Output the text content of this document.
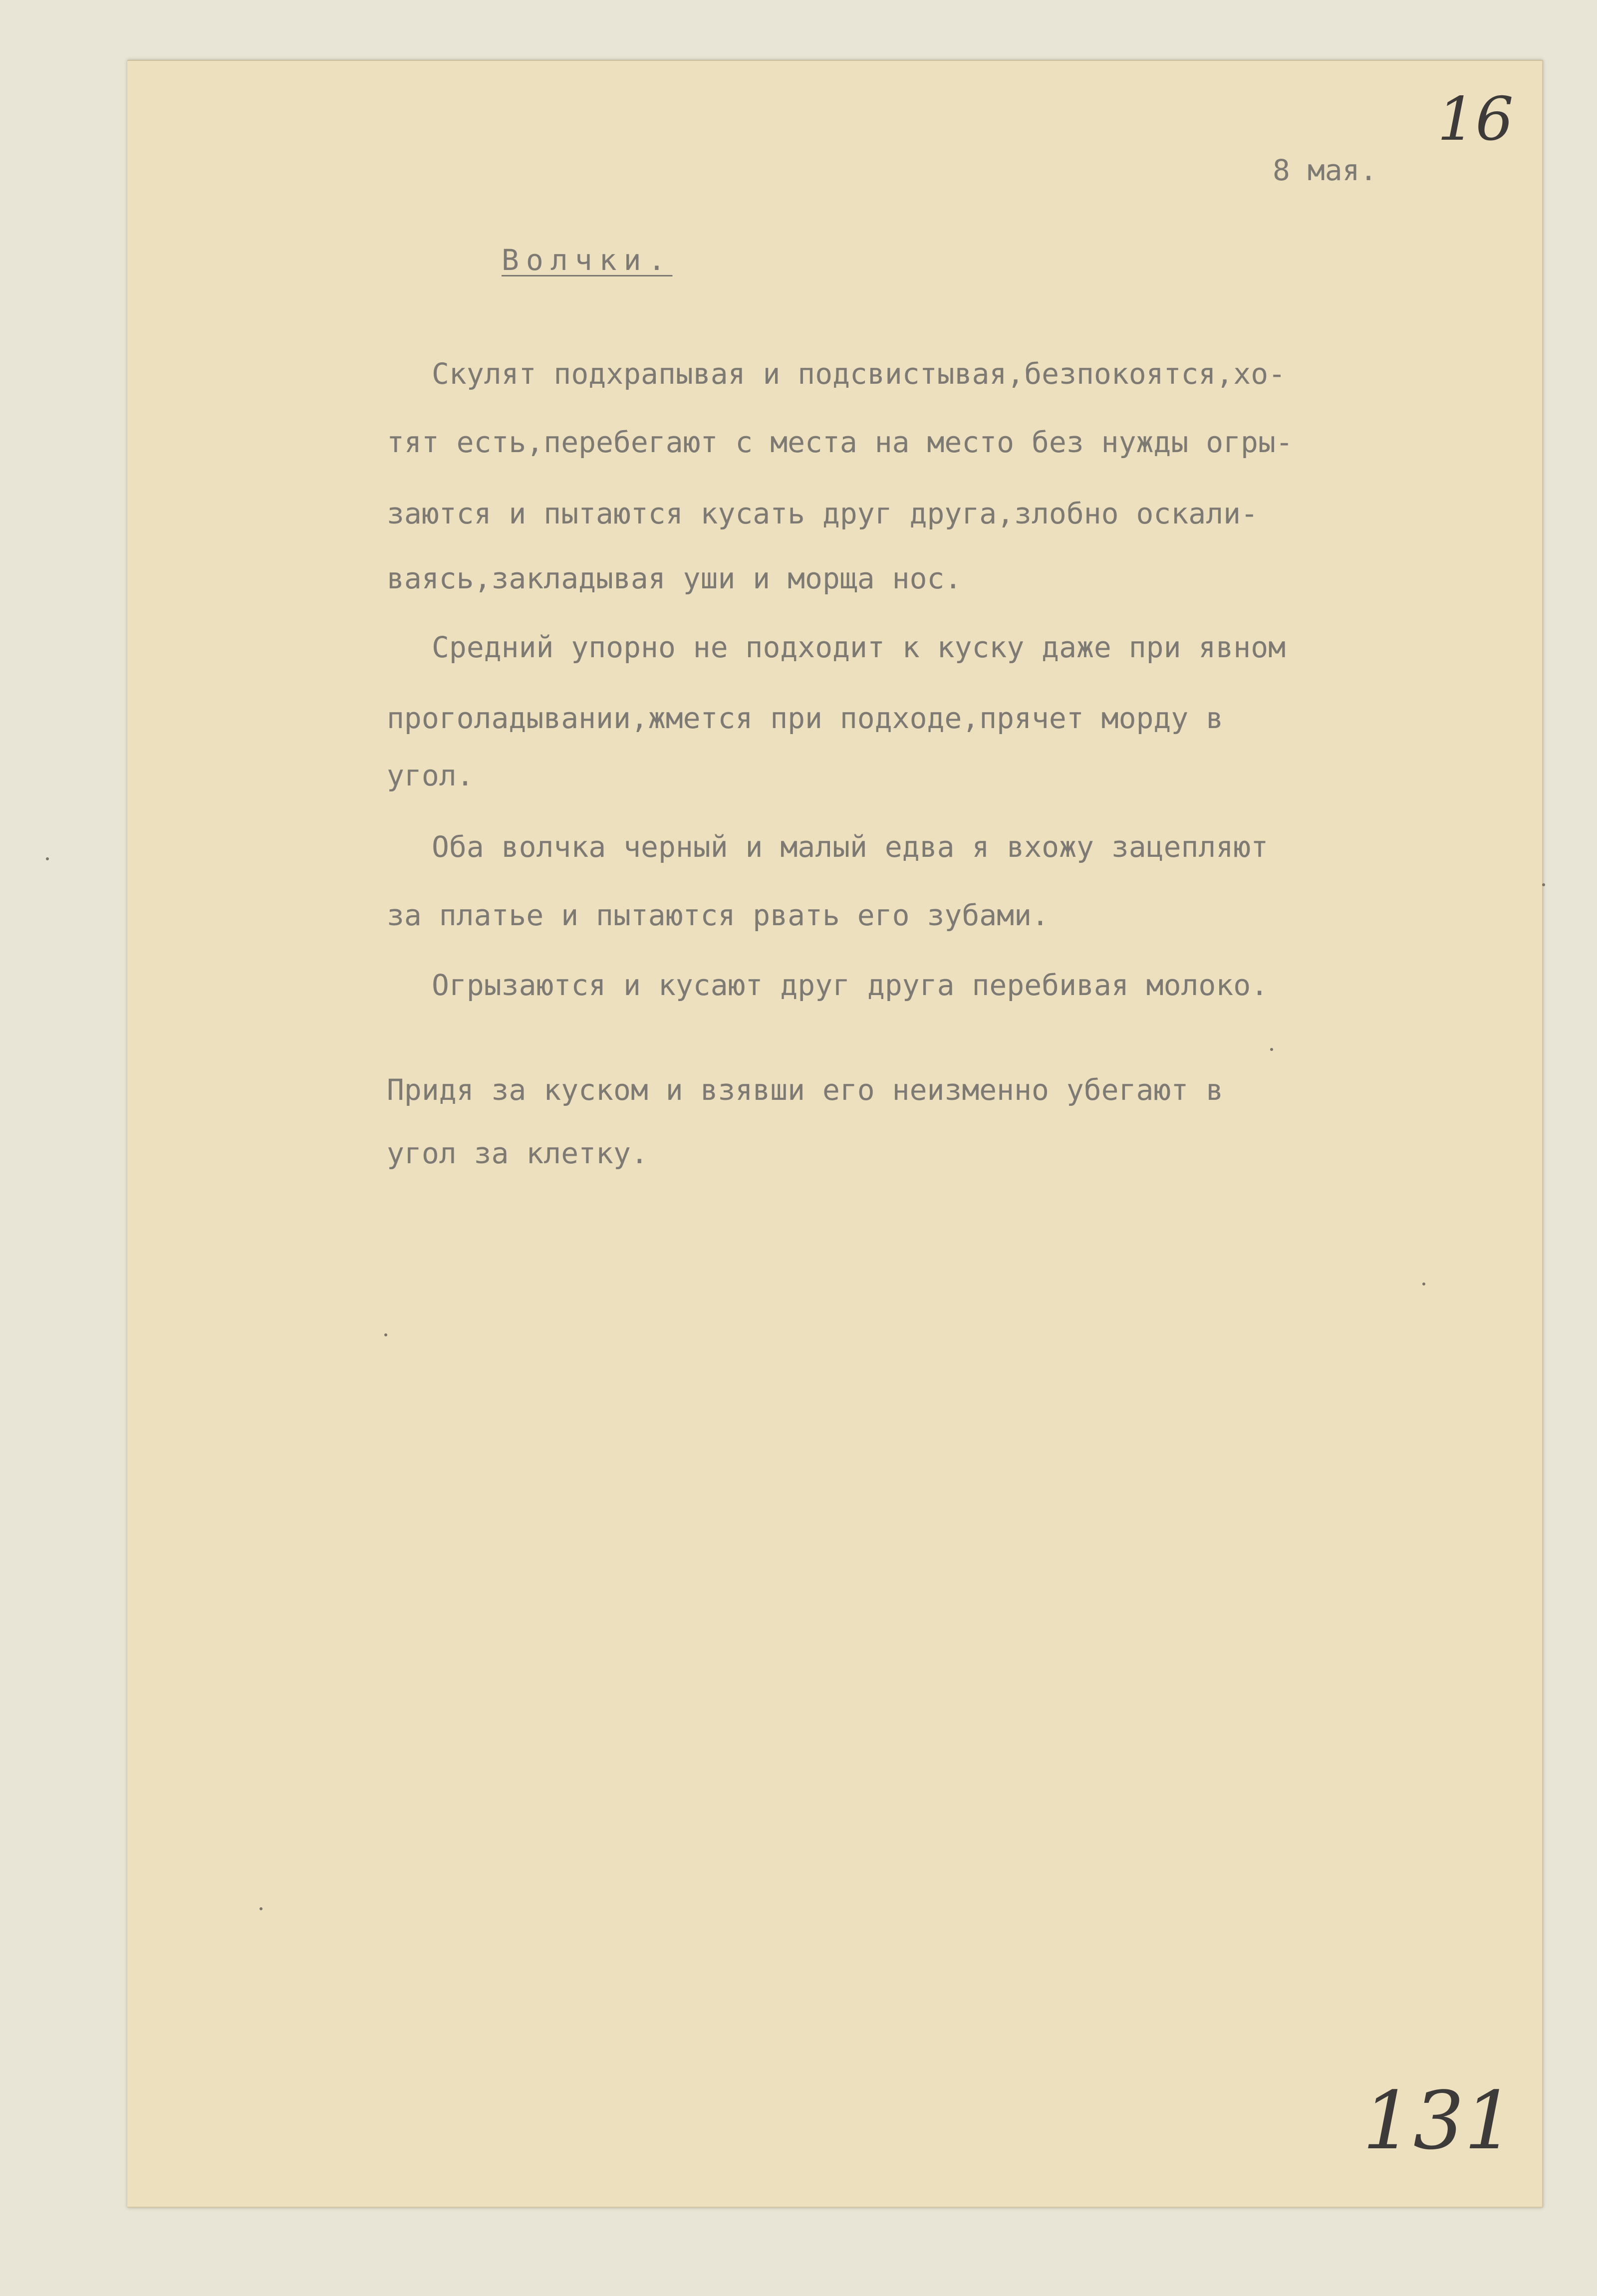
16
8 мая.
Волчки.
Скулят подхрапывая и подсвистывая,безпокоятся,хо-
тят есть,перебегают с места на место без нужды огры-
заются и пытаются кусать друг друга,злобно оскали-
ваясь,закладывая уши и морща нос.
Средний упорно не подходит к куску даже при явном
проголадывании,жмется при подходе,прячет морду в
угол.
Оба волчка черный и малый едва я вхожу зацепляют
за платье и пытаются рвать его зубами.
Огрызаются и кусают друг друга перебивая молоко.
Придя за куском и взявши его неизменно убегают в
угол за клетку.
131
